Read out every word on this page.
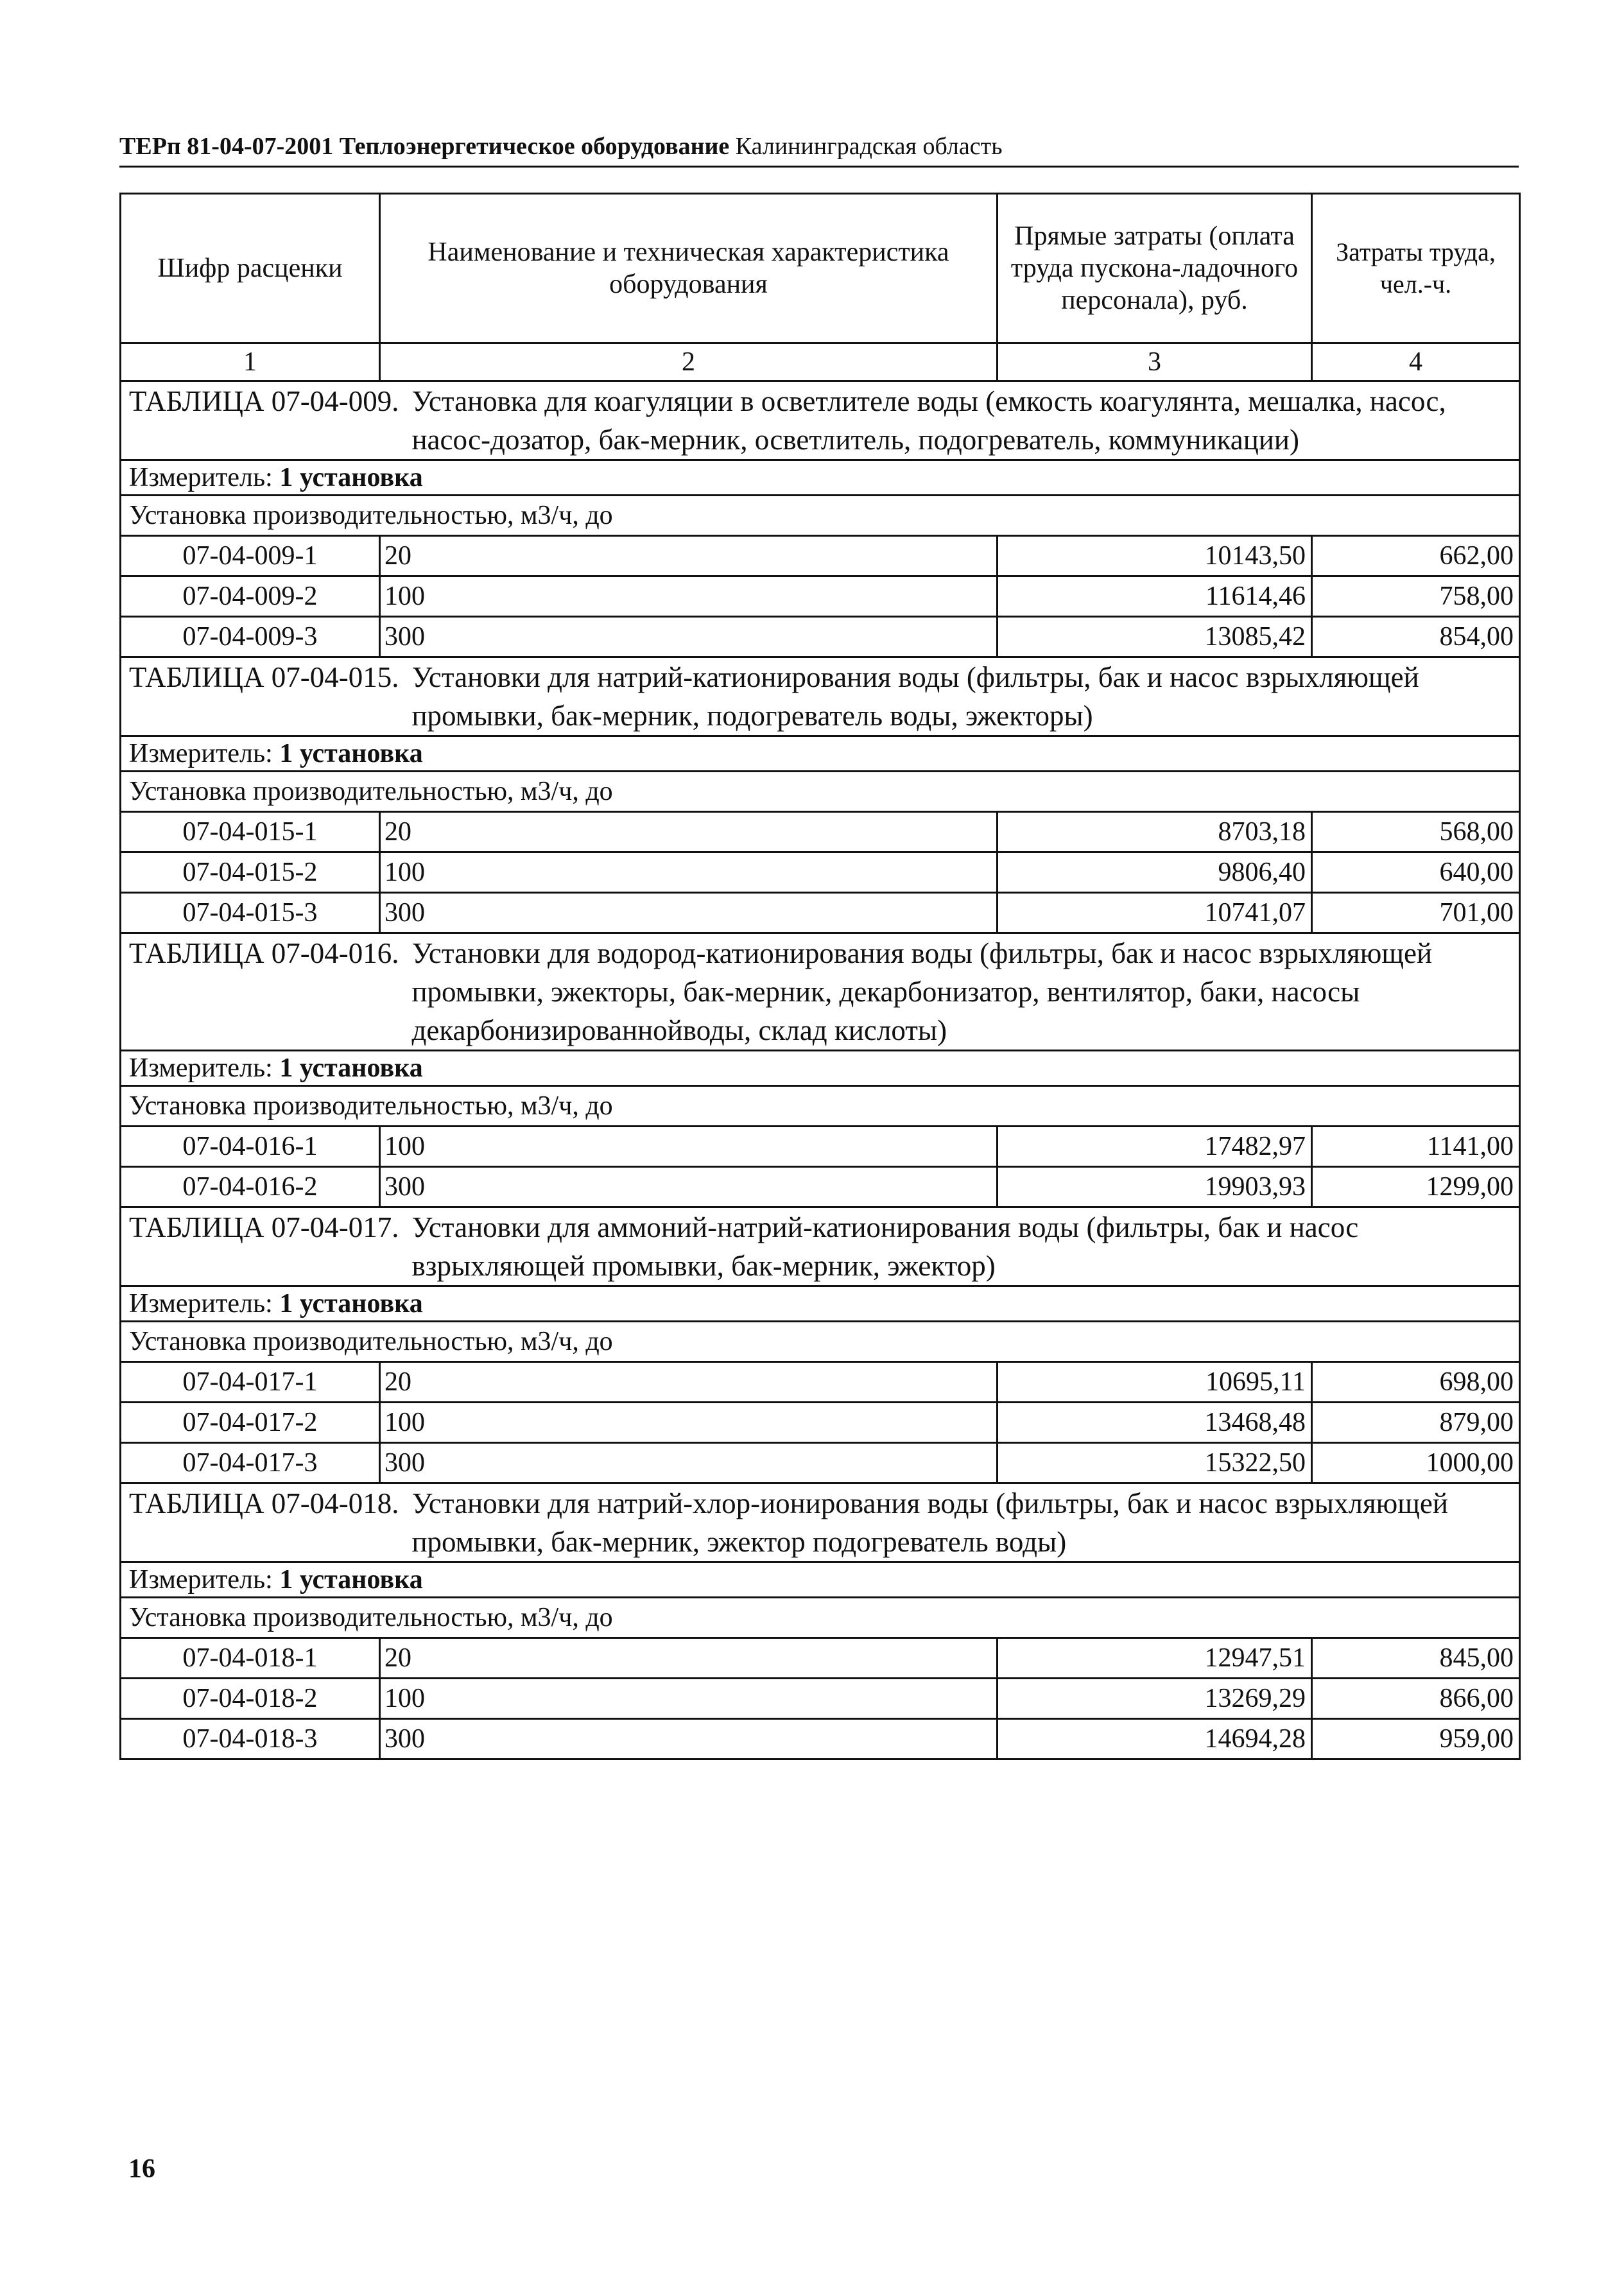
ТЕРп 81-04-07-2001 Теплоэнергетическое оборудование Калининградская область
Шифр расценки	Наименование и техническая характеристика оборудования	Прямые затраты (оплата труда пускона-ладочного персонала), руб.	Затраты труда, чел.-ч.
1	2	3	4

ТАБЛИЦА 07-04-009. Установка для коагуляции в осветлителе воды (емкость коагулянта, мешалка, насос, насос-дозатор, бак-мерник, осветлитель, подогреватель, коммуникации)			

Измеритель: 1 установка			
Установка производительностью, м3/ч, до			
07-04-009-1	20	10143,50	662,00
07-04-009-2	100	11614,46	758,00
07-04-009-3	300	13085,42	854,00

ТАБЛИЦА 07-04-015. Установки для натрий-катионирования воды (фильтры, бак и насос взрыхляющей промывки, бак-мерник, подогреватель воды, эжекторы)			

Измеритель: 1 установка			
Установка производительностью, м3/ч, до			
07-04-015-1	20	8703,18	568,00
07-04-015-2	100	9806,40	640,00
07-04-015-3	300	10741,07	701,00

ТАБЛИЦА 07-04-016. Установки для водород-катионирования воды (фильтры, бак и насос взрыхляющей промывки, эжекторы, бак-мерник, декарбонизатор, вентилятор, баки, насосы декарбонизированнойводы, склад кислоты)			

Измеритель: 1 установка			
Установка производительностью, м3/ч, до			
07-04-016-1	100	17482,97	1141,00
07-04-016-2	300	19903,93	1299,00

ТАБЛИЦА 07-04-017. Установки для аммоний-натрий-катионирования воды (фильтры, бак и насос взрыхляющей промывки, бак-мерник, эжектор)			

Измеритель: 1 установка			
Установка производительностью, м3/ч, до			
07-04-017-1	20	10695,11	698,00
07-04-017-2	100	13468,48	879,00
07-04-017-3	300	15322,50	1000,00

ТАБЛИЦА 07-04-018. Установки для натрий-хлор-ионирования воды (фильтры, бак и насос взрыхляющей промывки, бак-мерник, эжектор подогреватель воды)			

Измеритель: 1 установка			
Установка производительностью, м3/ч, до			
07-04-018-1	20	12947,51	845,00
07-04-018-2	100	13269,29	866,00
07-04-018-3	300	14694,28	959,00
16
